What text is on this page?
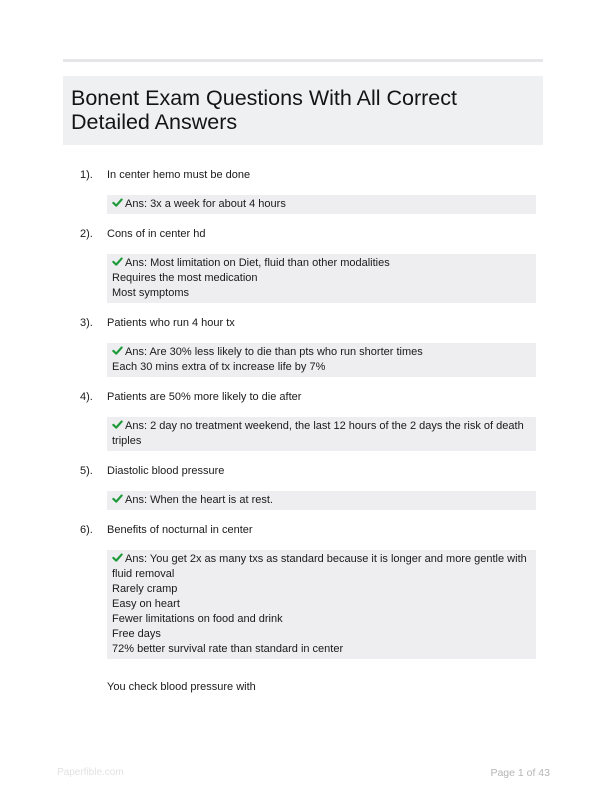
Bonent Exam Questions With All Correct Detailed Answers
1).	In center hemo must be done
Ans: 3x a week for about 4 hours
2).	Cons of in center hd
Ans: Most limitation on Diet, fluid than other modalities
Requires the most medication
Most symptoms
3).	Patients who run 4 hour tx
Ans: Are 30% less likely to die than pts who run shorter times
Each 30 mins extra of tx increase life by 7%
4).	Patients are 50% more likely to die after
Ans: 2 day no treatment weekend, the last 12 hours of the 2 days the risk of death triples
5).	Diastolic blood pressure
Ans: When the heart is at rest.
6).	Benefits of nocturnal in center
Ans: You get 2x as many txs as standard because it is longer and more gentle with fluid removal
Rarely cramp
Easy on heart
Fewer limitations on food and drink
Free days
72% better survival rate than standard in center
You check blood pressure with
Paperfible.com	Page 1 of 43
